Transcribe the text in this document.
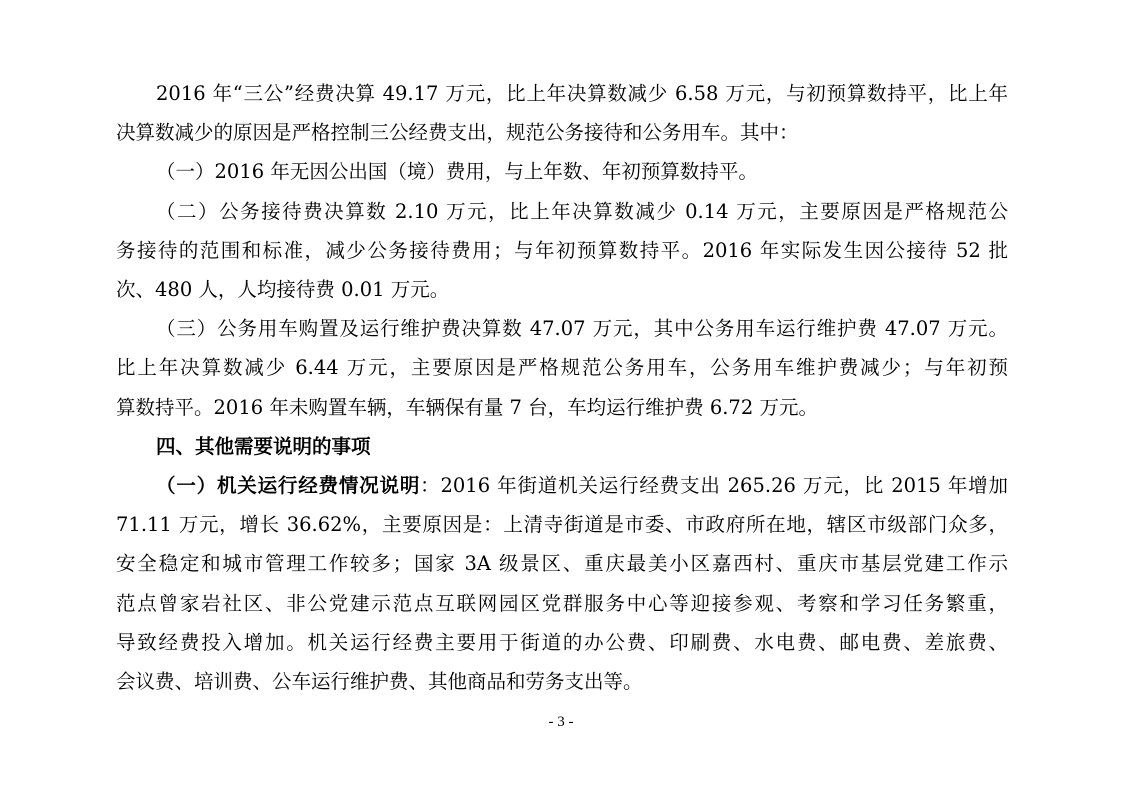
2016 年“三公”经费决算 49.17 万元，比上年决算数减少 6.58 万元，与初预算数持平，比上年
决算数减少的原因是严格控制三公经费支出，规范公务接待和公务用车。其中：
（一）2016 年无因公出国（境）费用，与上年数、年初预算数持平。
（二）公务接待费决算数 2.10 万元，比上年决算数减少 0.14 万元，主要原因是严格规范公
务接待的范围和标准，减少公务接待费用；与年初预算数持平。2016 年实际发生因公接待 52 批
次、480 人，人均接待费 0.01 万元。
（三）公务用车购置及运行维护费决算数 47.07 万元，其中公务用车运行维护费 47.07 万元。
比上年决算数减少 6.44 万元，主要原因是严格规范公务用车，公务用车维护费减少；与年初预
算数持平。2016 年未购置车辆，车辆保有量 7 台，车均运行维护费 6.72 万元。
四、其他需要说明的事项
（一）机关运行经费情况说明：2016 年街道机关运行经费支出 265.26 万元，比 2015 年增加
71.11 万元，增长 36.62%，主要原因是：上清寺街道是市委、市政府所在地，辖区市级部门众多，
安全稳定和城市管理工作较多；国家 3A 级景区、重庆最美小区嘉西村、重庆市基层党建工作示
范点曾家岩社区、非公党建示范点互联网园区党群服务中心等迎接参观、考察和学习任务繁重，
导致经费投入增加。机关运行经费主要用于街道的办公费、印刷费、水电费、邮电费、差旅费、
- 3 -
会议费、培训费、公车运行维护费、其他商品和劳务支出等。
